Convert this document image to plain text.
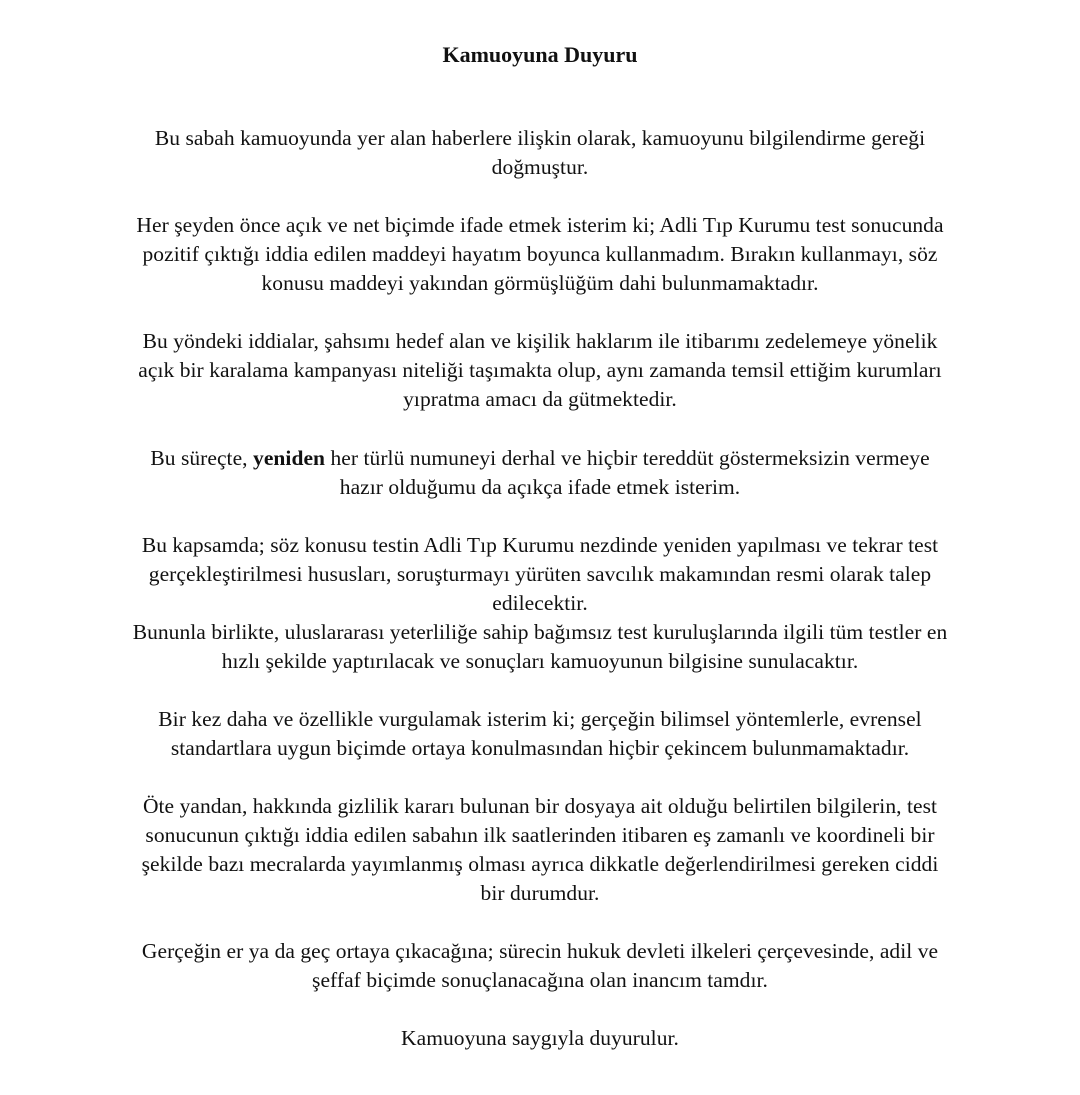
Kamuoyuna Duyuru
Bu sabah kamuoyunda yer alan haberlere ilişkin olarak, kamuoyunu bilgilendirme gereği
doğmuştur.
Her şeyden önce açık ve net biçimde ifade etmek isterim ki; Adli Tıp Kurumu test sonucunda
pozitif çıktığı iddia edilen maddeyi hayatım boyunca kullanmadım. Bırakın kullanmayı, söz
konusu maddeyi yakından görmüşlüğüm dahi bulunmamaktadır.
Bu yöndeki iddialar, şahsımı hedef alan ve kişilik haklarım ile itibarımı zedelemeye yönelik
açık bir karalama kampanyası niteliği taşımakta olup, aynı zamanda temsil ettiğim kurumları
yıpratma amacı da gütmektedir.
Bu süreçte, yeniden her türlü numuneyi derhal ve hiçbir tereddüt göstermeksizin vermeye
hazır olduğumu da açıkça ifade etmek isterim.
Bu kapsamda; söz konusu testin Adli Tıp Kurumu nezdinde yeniden yapılması ve tekrar test
gerçekleştirilmesi hususları, soruşturmayı yürüten savcılık makamından resmi olarak talep
edilecektir.
Bununla birlikte, uluslararası yeterliliğe sahip bağımsız test kuruluşlarında ilgili tüm testler en
hızlı şekilde yaptırılacak ve sonuçları kamuoyunun bilgisine sunulacaktır.
Bir kez daha ve özellikle vurgulamak isterim ki; gerçeğin bilimsel yöntemlerle, evrensel
standartlara uygun biçimde ortaya konulmasından hiçbir çekincem bulunmamaktadır.
Öte yandan, hakkında gizlilik kararı bulunan bir dosyaya ait olduğu belirtilen bilgilerin, test
sonucunun çıktığı iddia edilen sabahın ilk saatlerinden itibaren eş zamanlı ve koordineli bir
şekilde bazı mecralarda yayımlanmış olması ayrıca dikkatle değerlendirilmesi gereken ciddi
bir durumdur.
Gerçeğin er ya da geç ortaya çıkacağına; sürecin hukuk devleti ilkeleri çerçevesinde, adil ve
şeffaf biçimde sonuçlanacağına olan inancım tamdır.
Kamuoyuna saygıyla duyurulur.
